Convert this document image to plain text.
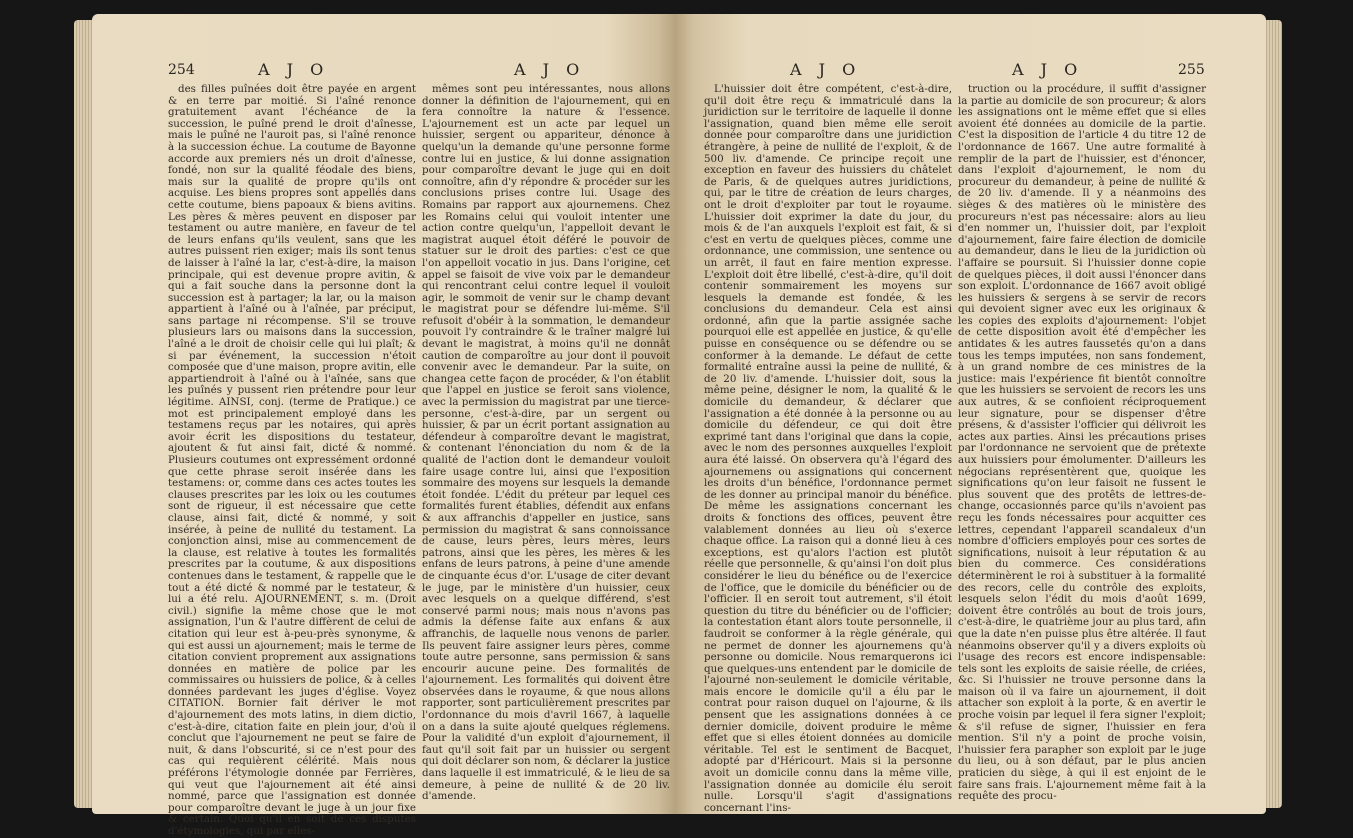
254	A J O	A J O	A J O	A J O	255

des filles puînées doit être payée en argent & en terre par moitié. Si l'aîné renonce gratuitement avant l'échéance de la succession, le puîné prend le droit d'aînesse, mais le puîné ne l'auroit pas, si l'aîné renonce à la succession échue. La coutume de Bayonne accorde aux premiers nés un droit d'aînesse, fondé, non sur la qualité féodale des biens, mais sur la qualité de propre qu'ils ont acquise. Les biens propres sont appellés dans cette coutume, biens papoaux & biens avitins. Les pères & mères peuvent en disposer par testament ou autre manière, en faveur de tel de leurs enfans qu'ils veulent, sans que les autres puissent rien exiger; mais ils sont tenus de laisser à l'aîné la lar, c'est-à-dire, la maison principale, qui est devenue propre avitin, & qui a fait souche dans la personne dont la succession est à partager; la lar, ou la maison appartient à l'aîné ou à l'aînée, par préciput, sans partage ni récompense. S'il se trouve plusieurs lars ou maisons dans la succession, l'aîné a le droit de choisir celle qui lui plaît; & si par événement, la succession n'étoit composée que d'une maison, propre avitin, elle appartiendroit à l'aîné ou à l'aînée, sans que les puînés y pussent rien prétendre pour leur légitime. AINSI, conj. (terme de Pratique.) ce mot est principalement employé dans les testamens reçus par les notaires, qui après avoir écrit les dispositions du testateur, ajoutent & fut ainsi fait, dicté & nommé. Plusieurs coutumes ont expressément ordonné que cette phrase seroit insérée dans les testamens: or, comme dans ces actes toutes les clauses prescrites par les loix ou les coutumes sont de rigueur, il est nécessaire que cette clause, ainsi fait, dicté & nommé, y soit insérée, à peine de nullité du testament. La conjonction ainsi, mise au commencement de la clause, est relative à toutes les formalités prescrites par la coutume, & aux dispositions contenues dans le testament, & rappelle que le tout a été dicté & nommé par le testateur, & lui a été relu. AJOURNEMENT, s. m. (Droit civil.) signifie la même chose que le mot assignation, l'un & l'autre diffèrent de celui de citation qui leur est à-peu-près synonyme, & qui est aussi un ajournement; mais le terme de citation convient proprement aux assignations données en matière de police par les commissaires ou huissiers de police, & à celles données pardevant les juges d'église. Voyez CITATION. Bornier fait dériver le mot d'ajournement des mots latins, in diem dictio, c'est-à-dire, citation faite en plein jour, d'où il conclut que l'ajournement ne peut se faire de nuit, & dans l'obscurité, si ce n'est pour des cas qui requièrent célérité. Mais nous préférons l'étymologie donnée par Ferrières, qui veut que l'ajournement ait été ainsi nommé, parce que l'assignation est donnée pour comparoître devant le juge à un jour fixe & certain. Quoi qu'il en soit de ces disputes d'étymologies, qui par elles-

mêmes sont peu intéressantes, nous allons donner la définition de l'ajournement, qui en fera connoître la nature & l'essence. L'ajournement est un acte par lequel un huissier, sergent ou appariteur, dénonce à quelqu'un la demande qu'une personne forme contre lui en justice, & lui donne assignation pour comparoître devant le juge qui en doit connoître, afin d'y répondre & procéder sur les conclusions prises contre lui. Usage des Romains par rapport aux ajournemens. Chez les Romains celui qui vouloit intenter une action contre quelqu'un, l'appelloit devant le magistrat auquel étoit déféré le pouvoir de statuer sur le droit des parties: c'est ce que l'on appelloit vocatio in jus. Dans l'origine, cet appel se faisoit de vive voix par le demandeur qui rencontrant celui contre lequel il vouloit agir, le sommoit de venir sur le champ devant le magistrat pour se défendre lui-même. S'il refusoit d'obéir à la sommation, le demandeur pouvoit l'y contraindre & le traîner malgré lui devant le magistrat, à moins qu'il ne donnât caution de comparoître au jour dont il pouvoit convenir avec le demandeur. Par la suite, on changea cette façon de procéder, & l'on établit que l'appel en justice se feroit sans violence, avec la permission du magistrat par une tierce-personne, c'est-à-dire, par un sergent ou huissier, & par un écrit portant assignation au défendeur à comparoître devant le magistrat, & contenant l'énonciation du nom & de la qualité de l'action dont le demandeur vouloit faire usage contre lui, ainsi que l'exposition sommaire des moyens sur lesquels la demande étoit fondée. L'édit du préteur par lequel ces formalités furent établies, défendit aux enfans & aux affranchis d'appeller en justice, sans permission du magistrat & sans connoissance de cause, leurs pères, leurs mères, leurs patrons, ainsi que les pères, les mères & les enfans de leurs patrons, à peine d'une amende de cinquante écus d'or. L'usage de citer devant le juge, par le ministère d'un huissier, ceux avec lesquels on a quelque différend, s'est conservé parmi nous; mais nous n'avons pas admis la défense faite aux enfans & aux affranchis, de laquelle nous venons de parler. Ils peuvent faire assigner leurs pères, comme toute autre personne, sans permission & sans encourir aucune peine. Des formalités de l'ajournement. Les formalités qui doivent être observées dans le royaume, & que nous allons rapporter, sont particulièrement prescrites par l'ordonnance du mois d'avril 1667, à laquelle on a dans la suite ajouté quelques réglemens. Pour la validité d'un exploit d'ajournement, il faut qu'il soit fait par un huissier ou sergent qui doit déclarer son nom, & déclarer la justice dans laquelle il est immatriculé, & le lieu de sa demeure, à peine de nullité & de 20 liv. d'amende.

L'huissier doit être compétent, c'est-à-dire, qu'il doit être reçu & immatriculé dans la juridiction sur le territoire de laquelle il donne l'assignation, quand bien même elle seroit donnée pour comparoître dans une juridiction étrangère, à peine de nullité de l'exploit, & de 500 liv. d'amende. Ce principe reçoit une exception en faveur des huissiers du châtelet de Paris, & de quelques autres juridictions, qui, par le titre de création de leurs charges, ont le droit d'exploiter par tout le royaume. L'huissier doit exprimer la date du jour, du mois & de l'an auxquels l'exploit est fait, & si c'est en vertu de quelques pièces, comme une ordonnance, une commission, une sentence ou un arrêt, il faut en faire mention expresse. L'exploit doit être libellé, c'est-à-dire, qu'il doit contenir sommairement les moyens sur lesquels la demande est fondée, & les conclusions du demandeur. Cela est ainsi ordonné, afin que la partie assignée sache pourquoi elle est appellée en justice, & qu'elle puisse en conséquence ou se défendre ou se conformer à la demande. Le défaut de cette formalité entraîne aussi la peine de nullité, & de 20 liv. d'amende. L'huissier doit, sous la même peine, désigner le nom, la qualité & le domicile du demandeur, & déclarer que l'assignation a été donnée à la personne ou au domicile du défendeur, ce qui doit être exprimé tant dans l'original que dans la copie, avec le nom des personnes auxquelles l'exploit aura été laissé. On observera qu'à l'égard des ajournemens ou assignations qui concernent les droits d'un bénéfice, l'ordonnance permet de les donner au principal manoir du bénéfice. De même les assignations concernant les droits & fonctions des offices, peuvent être valablement données au lieu où s'exerce chaque office. La raison qui a donné lieu à ces exceptions, est qu'alors l'action est plutôt réelle que personnelle, & qu'ainsi l'on doit plus considérer le lieu du bénéfice ou de l'exercice de l'office, que le domicile du bénéficier ou de l'officier. Il en seroit tout autrement, s'il étoit question du titre du bénéficier ou de l'officier; la contestation étant alors toute personnelle, il faudroit se conformer à la règle générale, qui ne permet de donner les ajournemens qu'à personne ou domicile. Nous remarquerons ici que quelques-uns entendent par le domicile de l'ajourné non-seulement le domicile véritable, mais encore le domicile qu'il a élu par le contrat pour raison duquel on l'ajourne, & ils pensent que les assignations données à ce dernier domicile, doivent produire le même effet que si elles étoient données au domicile véritable. Tel est le sentiment de Bacquet, adopté par d'Héricourt. Mais si la personne avoit un domicile connu dans la même ville, l'assignation donnée au domicile élu seroit nulle. Lorsqu'il s'agit d'assignations concernant l'ins-

truction ou la procédure, il suffit d'assigner la partie au domicile de son procureur; & alors les assignations ont le même effet que si elles avoient été données au domicile de la partie. C'est la disposition de l'article 4 du titre 12 de l'ordonnance de 1667. Une autre formalité à remplir de la part de l'huissier, est d'énoncer, dans l'exploit d'ajournement, le nom du procureur du demandeur, à peine de nullité & de 20 liv. d'amende. Il y a néanmoins des sièges & des matières où le ministère des procureurs n'est pas nécessaire: alors au lieu d'en nommer un, l'huissier doit, par l'exploit d'ajournement, faire faire élection de domicile au demandeur, dans le lieu de la juridiction où l'affaire se poursuit. Si l'huissier donne copie de quelques pièces, il doit aussi l'énoncer dans son exploit. L'ordonnance de 1667 avoit obligé les huissiers & sergens à se servir de recors qui devoient signer avec eux les originaux & les copies des exploits d'ajournement: l'objet de cette disposition avoit été d'empêcher les antidates & les autres faussetés qu'on a dans tous les temps imputées, non sans fondement, à un grand nombre de ces ministres de la justice: mais l'expérience fit bientôt connoître que les huissiers se servoient de recors les uns aux autres, & se confioient réciproquement leur signature, pour se dispenser d'être présens, & d'assister l'officier qui délivroit les actes aux parties. Ainsi les précautions prises par l'ordonnance ne servoient que de prétexte aux huissiers pour émolumenter. D'ailleurs les négocians représentèrent que, quoique les significations qu'on leur faisoit ne fussent le plus souvent que des protêts de lettres-de-change, occasionnés parce qu'ils n'avoient pas reçu les fonds nécessaires pour acquitter ces lettres, cependant l'appareil scandaleux d'un nombre d'officiers employés pour ces sortes de significations, nuisoit à leur réputation & au bien du commerce. Ces considérations déterminèrent le roi à substituer à la formalité des recors, celle du contrôle des exploits, lesquels selon l'édit du mois d'août 1699, doivent être contrôlés au bout de trois jours, c'est-à-dire, le quatrième jour au plus tard, afin que la date n'en puisse plus être altérée. Il faut néanmoins observer qu'il y a divers exploits où l'usage des recors est encore indispensable: tels sont les exploits de saisie réelle, de criées, &c. Si l'huissier ne trouve personne dans la maison où il va faire un ajournement, il doit attacher son exploit à la porte, & en avertir le proche voisin par lequel il fera signer l'exploit; & s'il refuse de signer, l'huissier en fera mention. S'il n'y a point de proche voisin, l'huissier fera parapher son exploit par le juge du lieu, ou à son défaut, par le plus ancien praticien du siège, à qui il est enjoint de le faire sans frais. L'ajournement même fait à la requête des procu-
